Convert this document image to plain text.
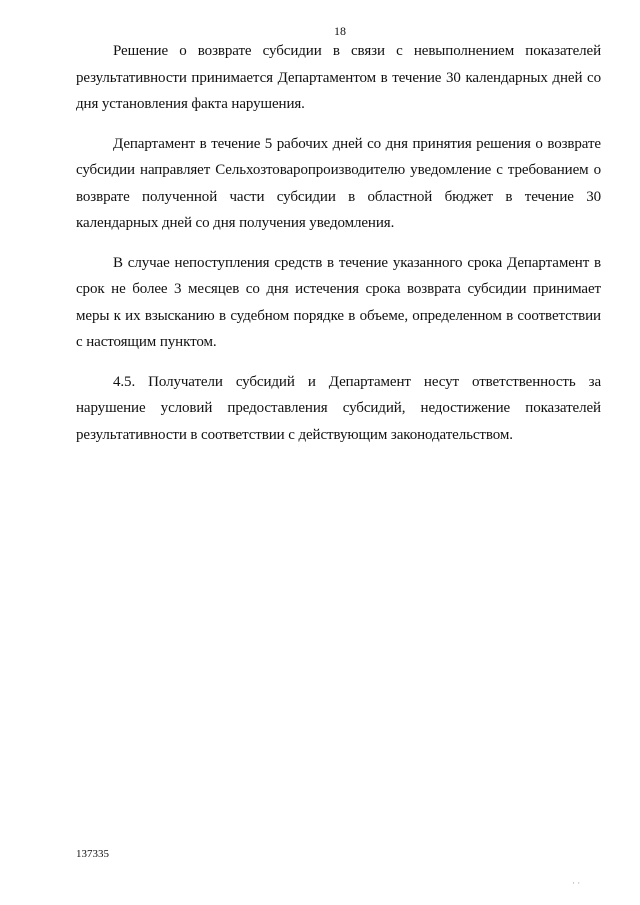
18

Решение о возврате субсидии в связи с невыполнением показателей результативности принимается Департаментом в течение 30 календарных дней со дня установления факта нарушения.

Департамент в течение 5 рабочих дней со дня принятия решения о возврате субсидии направляет Сельхозтоваропроизводителю уведомление с требованием о возврате полученной части субсидии в областной бюджет в течение 30 календарных дней со дня получения уведомления.

В случае непоступления средств в течение указанного срока Департамент в срок не более 3 месяцев со дня истечения срока возврата субсидии принимает меры к их взысканию в судебном порядке в объеме, определенном в соответствии с настоящим пунктом.

4.5. Получатели субсидий и Департамент несут ответственность за нарушение условий предоставления субсидий, недостижение показателей результативности в соответствии с действующим законодательством.

137335
· ·
